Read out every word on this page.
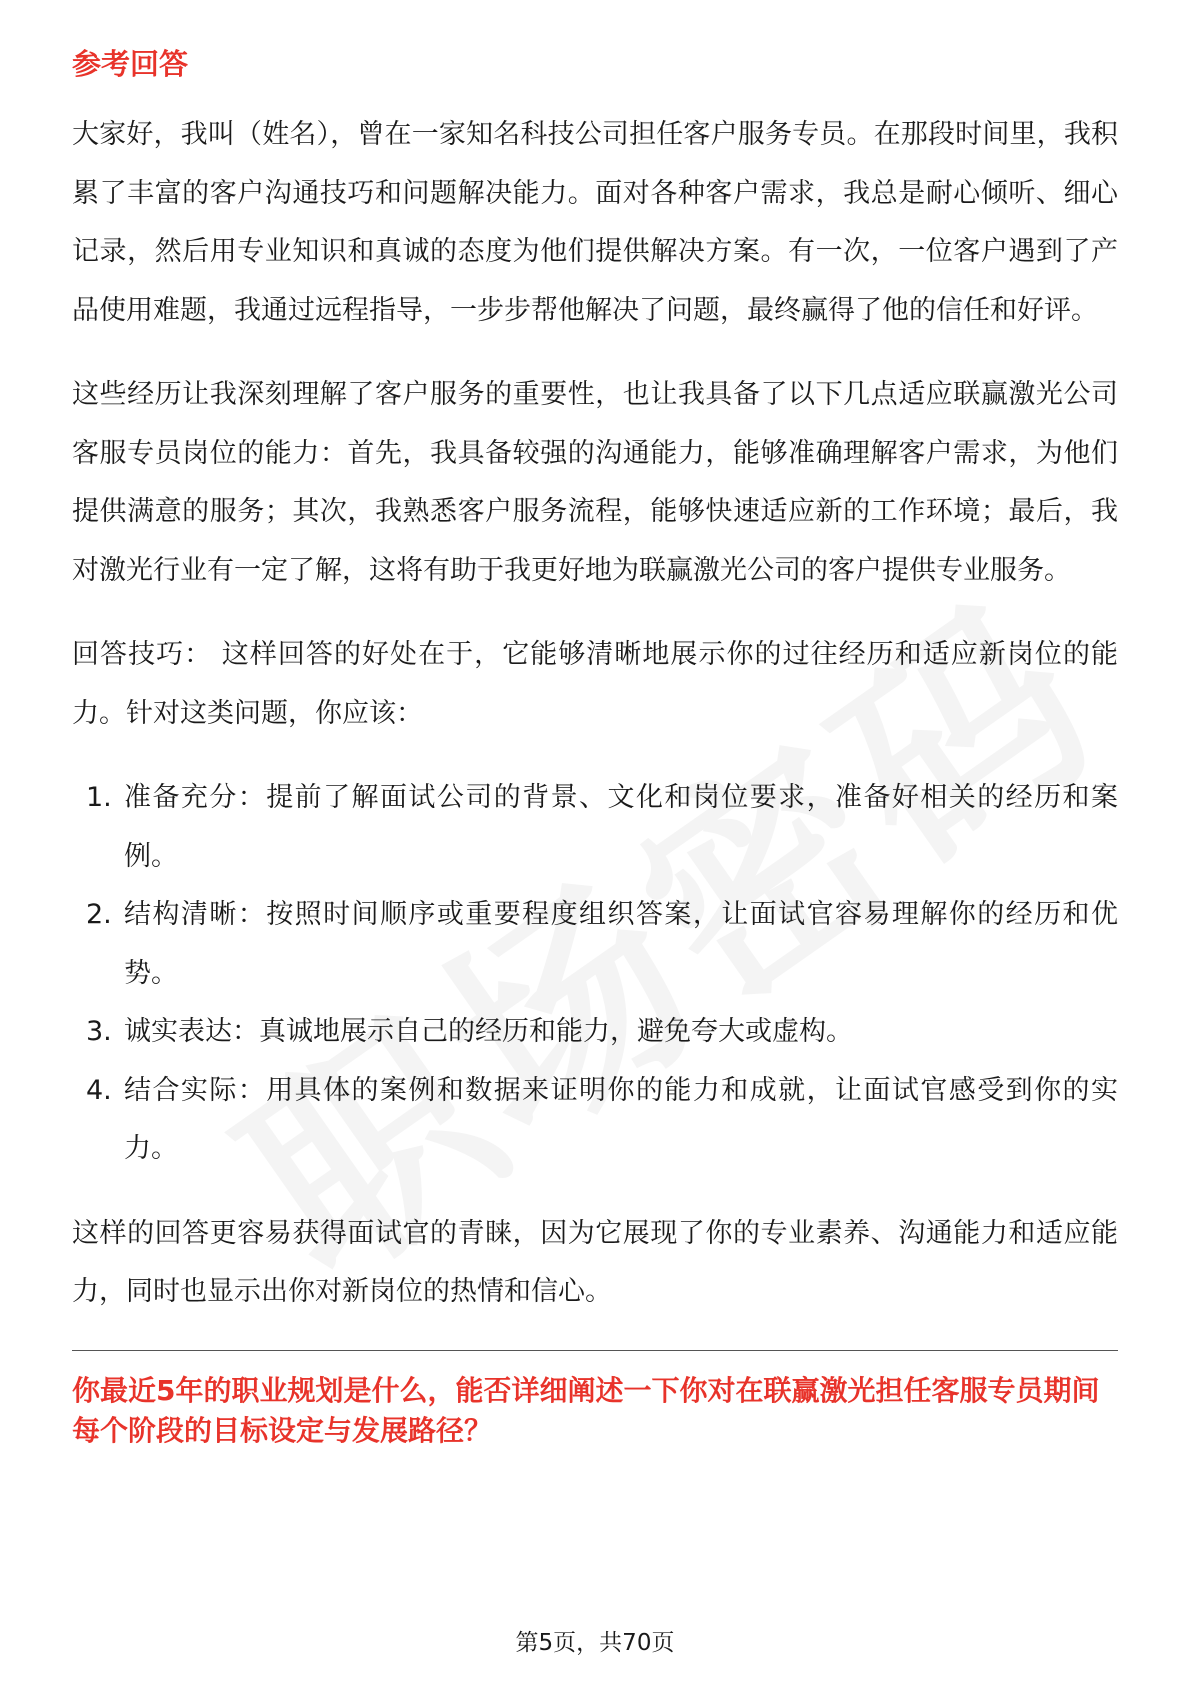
参考回答

大家好，我叫（姓名），曾在一家知名科技公司担任客户服务专员。在那段时间里，我积累了丰富的客户沟通技巧和问题解决能力。面对各种客户需求，我总是耐心倾听、细心记录，然后用专业知识和真诚的态度为他们提供解决方案。有一次，一位客户遇到了产品使用难题，我通过远程指导，一步步帮他解决了问题，最终赢得了他的信任和好评。

这些经历让我深刻理解了客户服务的重要性，也让我具备了以下几点适应联赢激光公司客服专员岗位的能力：首先，我具备较强的沟通能力，能够准确理解客户需求，为他们提供满意的服务；其次，我熟悉客户服务流程，能够快速适应新的工作环境；最后，我对激光行业有一定了解，这将有助于我更好地为联赢激光公司的客户提供专业服务。

回答技巧： 这样回答的好处在于，它能够清晰地展示你的过往经历和适应新岗位的能力。针对这类问题，你应该：

1. 准备充分：提前了解面试公司的背景、文化和岗位要求，准备好相关的经历和案例。
2. 结构清晰：按照时间顺序或重要程度组织答案，让面试官容易理解你的经历和优势。
3. 诚实表达：真诚地展示自己的经历和能力，避免夸大或虚构。
4. 结合实际：用具体的案例和数据来证明你的能力和成就，让面试官感受到你的实力。

这样的回答更容易获得面试官的青睐，因为它展现了你的专业素养、沟通能力和适应能力，同时也显示出你对新岗位的热情和信心。

你最近5年的职业规划是什么，能否详细阐述一下你对在联赢激光担任客服专员期间每个阶段的目标设定与发展路径？

第5页，共70页
